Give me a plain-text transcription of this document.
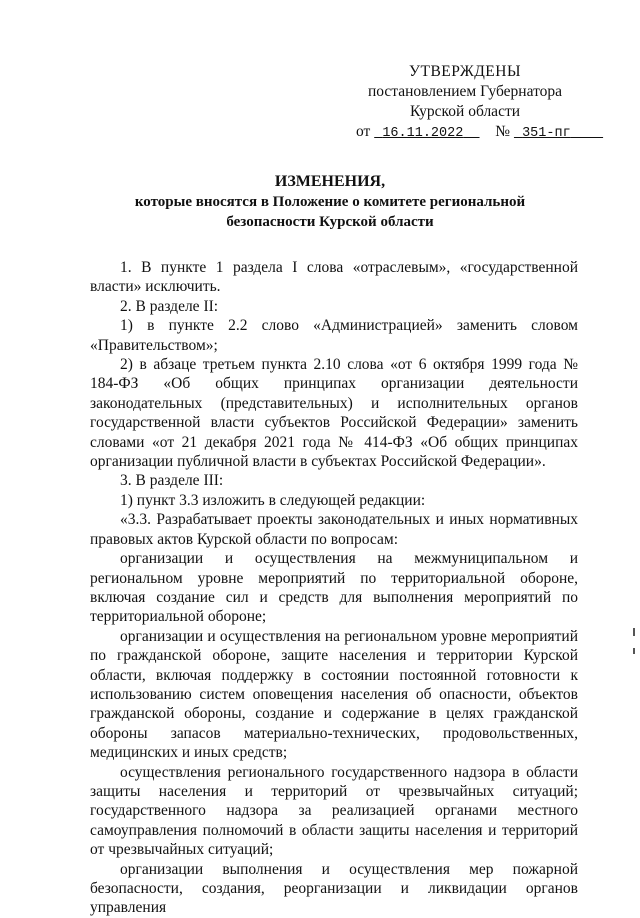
УТВЕРЖДЕНЫ
постановлением Губернатора
Курской области
от 16.11.2022 № 351-пг
ИЗМЕНЕНИЯ,
которые вносятся в Положение о комитете региональной
безопасности Курской области

1. В пункте 1 раздела I слова «отраслевым», «государственной власти» исключить.

2. В разделе II:

1) в пункте 2.2 слово «Администрацией» заменить словом «Правительством»;

2) в абзаце третьем пункта 2.10 слова «от 6 октября 1999 года № 184-ФЗ «Об общих принципах организации деятельности законодательных (представительных) и исполнительных органов государственной власти субъектов Российской Федерации» заменить словами «от 21 декабря 2021 года № 414-ФЗ «Об общих принципах организации публичной власти в субъектах Российской Федерации».

3. В разделе III:

1) пункт 3.3 изложить в следующей редакции:

«3.3. Разрабатывает проекты законодательных и иных нормативных правовых актов Курской области по вопросам:

организации и осуществления на межмуниципальном и региональном уровне мероприятий по территориальной обороне, включая создание сил и средств для выполнения мероприятий по территориальной обороне;

организации и осуществления на региональном уровне мероприятий по гражданской обороне, защите населения и территории Курской области, включая поддержку в состоянии постоянной готовности к использованию систем оповещения населения об опасности, объектов гражданской обороны, создание и содержание в целях гражданской обороны запасов материально-технических, продовольственных, медицинских и иных средств;

осуществления регионального государственного надзора в области защиты населения и территорий от чрезвычайных ситуаций; государственного надзора за реализацией органами местного самоуправления полномочий в области защиты населения и территорий от чрезвычайных ситуаций;

организации выполнения и осуществления мер пожарной безопасности, создания, реорганизации и ликвидации органов управления
